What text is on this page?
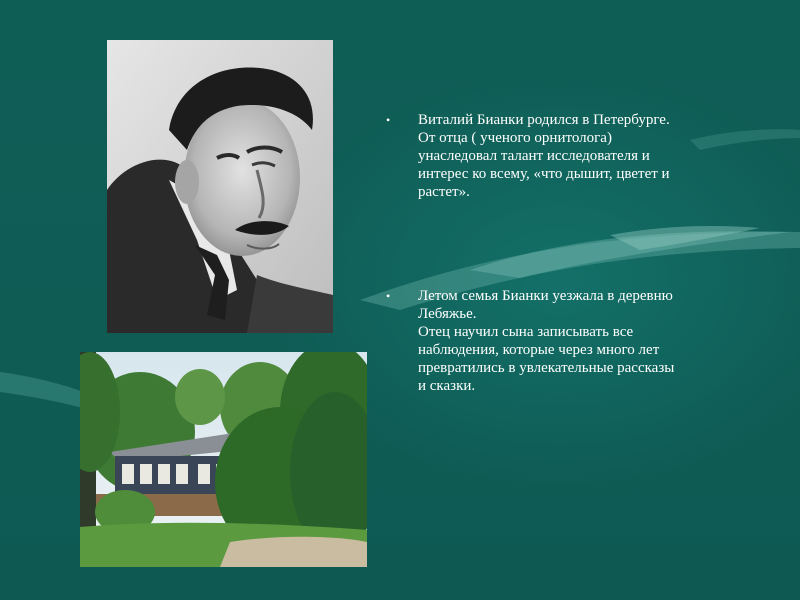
• Виталий Бианки родился в Петербурге.

От отца ( ученого орнитолога)

унаследовал талант исследователя и

интерес ко всему, «что дышит, цветет и

растет».

• Летом семья Бианки уезжала в деревню

Лебяжье.

Отец научил сына записывать все

наблюдения, которые через много лет

превратились в увлекательные рассказы

и сказки.
